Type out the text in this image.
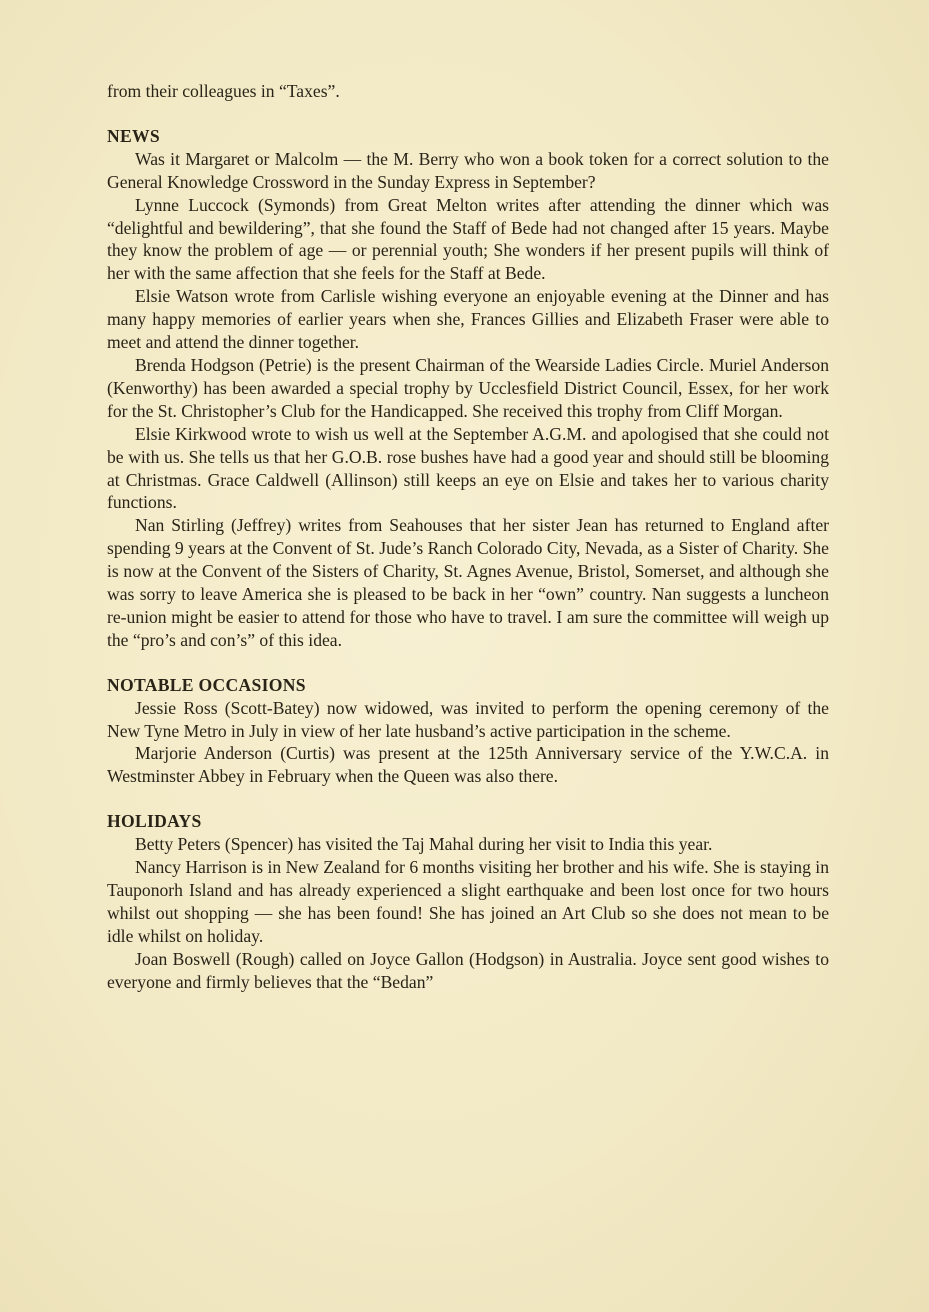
from their colleagues in “Taxes”.

NEWS

Was it Margaret or Malcolm — the M. Berry who won a book token for a correct solution to the General Knowledge Crossword in the Sunday Express in September?

Lynne Luccock (Symonds) from Great Melton writes after attending the dinner which was “delightful and bewildering”, that she found the Staff of Bede had not changed after 15 years. Maybe they know the problem of age — or perennial youth; She wonders if her present pupils will think of her with the same affection that she feels for the Staff at Bede.

Elsie Watson wrote from Carlisle wishing everyone an enjoyable evening at the Dinner and has many happy memories of earlier years when she, Frances Gillies and Elizabeth Fraser were able to meet and attend the dinner together.

Brenda Hodgson (Petrie) is the present Chairman of the Wearside Ladies Circle. Muriel Anderson (Kenworthy) has been awarded a special trophy by Ucclesfield District Council, Essex, for her work for the St. Christopher’s Club for the Handicapped. She received this trophy from Cliff Morgan.

Elsie Kirkwood wrote to wish us well at the September A.G.M. and apologised that she could not be with us. She tells us that her G.O.B. rose bushes have had a good year and should still be blooming at Christmas. Grace Caldwell (Allinson) still keeps an eye on Elsie and takes her to various charity functions.

Nan Stirling (Jeffrey) writes from Seahouses that her sister Jean has returned to England after spending 9 years at the Convent of St. Jude’s Ranch Colorado City, Nevada, as a Sister of Charity. She is now at the Convent of the Sisters of Charity, St. Agnes Avenue, Bristol, Somerset, and although she was sorry to leave America she is pleased to be back in her “own” country. Nan suggests a luncheon re-union might be easier to attend for those who have to travel. I am sure the committee will weigh up the “pro’s and con’s” of this idea.

NOTABLE OCCASIONS

Jessie Ross (Scott-Batey) now widowed, was invited to perform the opening ceremony of the New Tyne Metro in July in view of her late husband’s active participation in the scheme.

Marjorie Anderson (Curtis) was present at the 125th Anniversary service of the Y.W.C.A. in Westminster Abbey in February when the Queen was also there.

HOLIDAYS

Betty Peters (Spencer) has visited the Taj Mahal during her visit to India this year.

Nancy Harrison is in New Zealand for 6 months visiting her brother and his wife. She is staying in Tauponorh Island and has already experienced a slight earthquake and been lost once for two hours whilst out shopping — she has been found! She has joined an Art Club so she does not mean to be idle whilst on holiday.

Joan Boswell (Rough) called on Joyce Gallon (Hodgson) in Australia. Joyce sent good wishes to everyone and firmly believes that the “Bedan”
